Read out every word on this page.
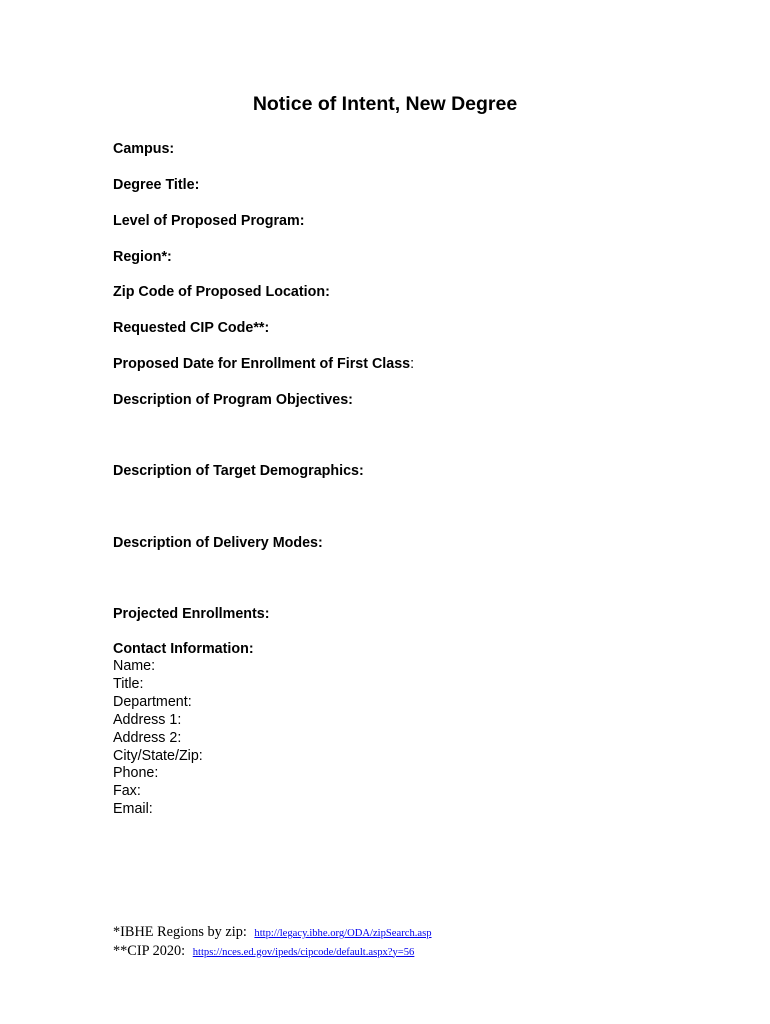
Notice of Intent, New Degree
Campus:
Degree Title:
Level of Proposed Program:
Region*:
Zip Code of Proposed Location:
Requested CIP Code**:
Proposed Date for Enrollment of First Class:
Description of Program Objectives:
Description of Target Demographics:
Description of Delivery Modes:
Projected Enrollments:
Contact Information:
Name:
Title:
Department:
Address 1:
Address 2:
City/State/Zip:
Phone:
Fax:
Email:
*IBHE Regions by zip: http://legacy.ibhe.org/ODA/zipSearch.asp
**CIP 2020: https://nces.ed.gov/ipeds/cipcode/default.aspx?y=56
